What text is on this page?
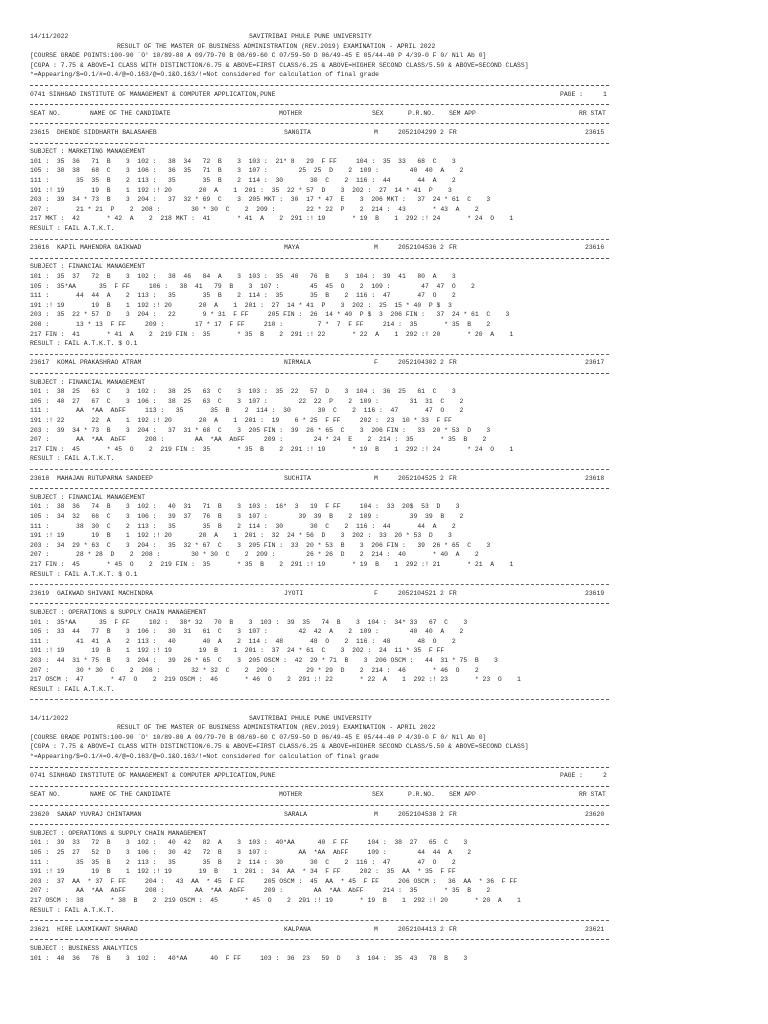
14/11/2022	SAVITRIBAI PHULE PUNE UNIVERSITY
RESULT OF THE MASTER OF BUSINESS ADMINISTRATION (REV.2019) EXAMINATION - APRIL 2022
[COURSE GRADE POINTS:100-90 `O' 10/89-80 A 09/79-70 B 08/69-60 C 07/59-50 D 06/49-45 E 05/44-40 P 4/39-0 F 0/ Nil Ab 0]
[CGPA : 7.75 & ABOVE=I CLASS WITH DISTINCTION/6.75 & ABOVE=FIRST CLASS/6.25 & ABOVE=HIGHER SECOND CLASS/5.50 & ABOVE=SECOND CLASS]
*=Appearing/$=O.1/#=O.4/@=O.163/@=O.1&O.163/!=Not considered for calculation of final grade
0741 SINHGAD INSTITUTE OF MANAGEMENT & COMPUTER APPLICATION,PUNE	PAGE :	1
SEAT NO.	NAME OF THE CANDIDATE	MOTHER	SEX	P.R.NO. SEM APP	RR STAT
23615 DHENDE SIDDHARTH BALASAHEB	SANGITA	M	2052104299 2 FR	23615
SUBJECT : MARKETING MANAGEMENT
101 :  35  36   71  B    3  102 :   38  34   72  B    3  103 :  21* 8   29  F FF     104 :  35  33   68  C    3
105 :  30  38   68  C    3  106 :   36  35   71  B    3  107 :        25  25  D    2  109 :        40  40  A    2
111 :       35  35  B    2  113 :   35       35  B    2  114 :  30       30  C    2  116 :  44       44  A    2
191 :! 19       19  B    1  192 :! 20       20  A    1  201 :  35  22 * 57  D    3  202 :  27  14 * 41  P    3
203 :  39  34 * 73  B    3  204 :   37  32 * 69  C    3  205 MKT :  30  17 * 47  E    3  206 MKT :   37  24 * 61  C    3
207 :       21 * 21  P    2  208 :        30 * 30  C    2  209 :        22 * 22  P    2  214 :  43       * 43  A    2
217 MKT :  42       * 42  A    2  218 MKT :  41       * 41  A    2  291 :! 19       * 19  B    1  292 :! 24       * 24  O    1
RESULT : FAIL A.T.K.T.
23616 KAPIL MAHENDRA GAIKWAD	MAYA	M	2052104536 2 FR	23616
SUBJECT : FINANCIAL MANAGEMENT
101 :  35  37   72  B    3  102 :   38  46   84  A    3  103 :  35  40   76  B    3  104 :  39  41   80  A    3
105 :  35*AA      35  F FF     106 :   38  41   79  B    3  107 :        45  45  O    2  109 :        47  47  O    2
111 :       44  44  A    2  113 :   35       35  B    2  114 :  35       35  B    2  116 :  47       47  O    2
191 :! 19       19  B    1  192 :! 20       20  A    1  201 :  27  14 * 41  P    3  202 :  25  15 * 40  P $  3
203 :  35  22 * 57  D    3  204 :   22       9 * 31  F FF     205 FIN :  26  14 * 40  P $  3  206 FIN :   37  24 * 61  C    3
208 :       13 * 13  F FF     209 :        17 * 17  F FF     210 :         7 *  7  F FF     214 :  35       * 35  B    2
217 FIN :  41       * 41  A    2  219 FIN :  35       * 35  B    2  291 :! 22       * 22  A    1  292 :! 20       * 20  A    1
RESULT : FAIL A.T.K.T. $ O.1
23617 KOMAL PRAKASHRAO ATRAM	NIRMALA	F	2052104302 2 FR	23617
SUBJECT : FINANCIAL MANAGEMENT
101 :  38  25   63  C    3  102 :   38  25   63  C    3  103 :  35  22   57  D    3  104 :  36  25   61  C    3
105 :  40  27   67  C    3  106 :   38  25   63  C    3  107 :        22  22  P    2  109 :        31  31  C    2
111 :       AA  *AA  AbFF     113 :   35       35  B    2  114 :  30       30  C    2  116 :  47       47  O    2
191 :! 22       22  A    1  192 :! 20       20  A    1  201 :  19    6 * 25  F FF     202 :  23  10 * 33  F FF
203 :  39  34 * 73  B    3  204 :   37  31 * 68  C    3  205 FIN :  39  26 * 65  C    3  206 FIN :   33  20 * 53  D    3
207 :       AA  *AA  AbFF     208 :        AA  *AA  AbFF     209 :        24 * 24  E    2  214 :  35       * 35  B    2
217 FIN :  45       * 45  O    2  219 FIN :  35       * 35  B    2  291 :! 19       * 19  B    1  292 :! 24       * 24  O    1
RESULT : FAIL A.T.K.T.
23618 MAHAJAN RUTUPARNA SANDEEP	SUCHITA	M	2052104525 2 FR	23618
SUBJECT : FINANCIAL MANAGEMENT
101 :  38  36   74  B    3  102 :   40  31   71  B    3  103 :  16*  3   19  F FF     104 :  33  20$  53  D    3
105 :  34  32   66  C    3  106 :   39  37   76  B    3  107 :        39  39  B    2  109 :        39  39  B    2
111 :       38  30  C    2  113 :   35       35  B    2  114 :  30       30  C    2  116 :  44       44  A    2
191 :! 19       19  B    1  192 :! 20       20  A    1  201 :  32  24 * 56  D    3  202 :  33  20 * 53  D    3
203 :  34  29 * 63  C    3  204 :   35  32 * 67  C    3  205 FIN :  33  20 * 53  B    3  206 FIN :   39  26 * 65  C    3
207 :       28 * 28  D    2  208 :        30 * 30  C    2  209 :        26 * 26  D    2  214 :  40       * 40  A    2
217 FIN :  45       * 45  O    2  219 FIN :  35       * 35  B    2  291 :! 19       * 19  B    1  292 :! 21       * 21  A    1
RESULT : FAIL A.T.K.T. $ O.1
23619 GAIKWAD SHIVANI MACHINDRA	JYOTI	F	2052104521 2 FR	23619
SUBJECT : OPERATIONS & SUPPLY CHAIN MANAGEMENT
101 :  35*AA      35  F FF     102 :   38* 32   70  B    3  103 :  39  35   74  B    3  104 :  34* 33   67  C    3
105 :  33  44   77  B    3  106 :   30  31   61  C    3  107 :        42  42  A    2  109 :        40  40  A    2
111 :       41  41  A    2  113 :   40       40  A    2  114 :  48       48  O    2  116 :  48       48  O    2
191 :! 19       19  B    1  192 :! 19       19  B    1  201 :  37  24 * 61  C    3  202 :  24  11 * 35  F FF
203 :  44  31 * 75  B    3  204 :   39  26 * 65  C    3  205 OSCM :  42  29 * 71  B    3  206 OSCM :   44  31 * 75  B    3
207 :       30 * 30  C    2  208 :        32 * 32  C    2  209 :        29 * 29  D    2  214 :  46       * 46  O    2
217 OSCM :  47       * 47  O    2  219 OSCM :  46       * 46  O    2  291 :! 22       * 22  A    1  292 :! 23       * 23  O    1
RESULT : FAIL A.T.K.T.
14/11/2022	SAVITRIBAI PHULE PUNE UNIVERSITY
RESULT OF THE MASTER OF BUSINESS ADMINISTRATION (REV.2019) EXAMINATION - APRIL 2022
[COURSE GRADE POINTS:100-90 `O' 10/89-80 A 09/79-70 B 08/69-60 C 07/59-50 D 06/49-45 E 05/44-40 P 4/39-0 F 0/ Nil Ab 0]
[CGPA : 7.75 & ABOVE=I CLASS WITH DISTINCTION/6.75 & ABOVE=FIRST CLASS/6.25 & ABOVE=HIGHER SECOND CLASS/5.50 & ABOVE=SECOND CLASS]
*=Appearing/$=O.1/#=O.4/@=O.163/@=O.1&O.163/!=Not considered for calculation of final grade
0741 SINHGAD INSTITUTE OF MANAGEMENT & COMPUTER APPLICATION,PUNE	PAGE :	2
SEAT NO.	NAME OF THE CANDIDATE	MOTHER	SEX	P.R.NO. SEM APP	RR STAT
23620 SANAP YUVRAJ CHINTAMAN	SARALA	M	2052104538 2 FR	23620
SUBJECT : OPERATIONS & SUPPLY CHAIN MANAGEMENT
101 :  39  33   72  B    3  102 :   40  42   82  A    3  103 :  40*AA      40  F FF     104 :  38  27   65  C    3
105 :  25  27   52  D    3  106 :   30  42   72  B    3  107 :        AA  *AA  AbFF     109 :        44  44  A    2
111 :       35  35  B    2  113 :   35       35  B    2  114 :  30       30  C    2  116 :  47       47  O    2
191 :! 19       19  B    1  192 :! 19       19  B    1  201 :  34  AA  * 34  F FF     202 :  35  AA  * 35  F FF
203 :  37  AA  * 37  F FF     204 :   43  AA  * 45  F FF     205 OSCM :  45  AA  * 45  F FF     206 OSCM :   36  AA  * 36  F FF
207 :       AA  *AA  AbFF     208 :        AA  *AA  AbFF     209 :        AA  *AA  AbFF     214 :  35       * 35  B    2
217 OSCM :  38       * 38  B    2  219 OSCM :  45       * 45  O    2  291 :! 19       * 19  B    1  292 :! 20       * 20  A    1
RESULT : FAIL A.T.K.T.
23621 HIRE LAXMIKANT SHARAD	KALPANA	M	2052104413 2 FR	23621
SUBJECT : BUSINESS ANALYTICS
101 :  40  36   76  B    3  102 :   40*AA      40  F FF     103 :  36  23   59  D    3  104 :  35  43   78  B    3
